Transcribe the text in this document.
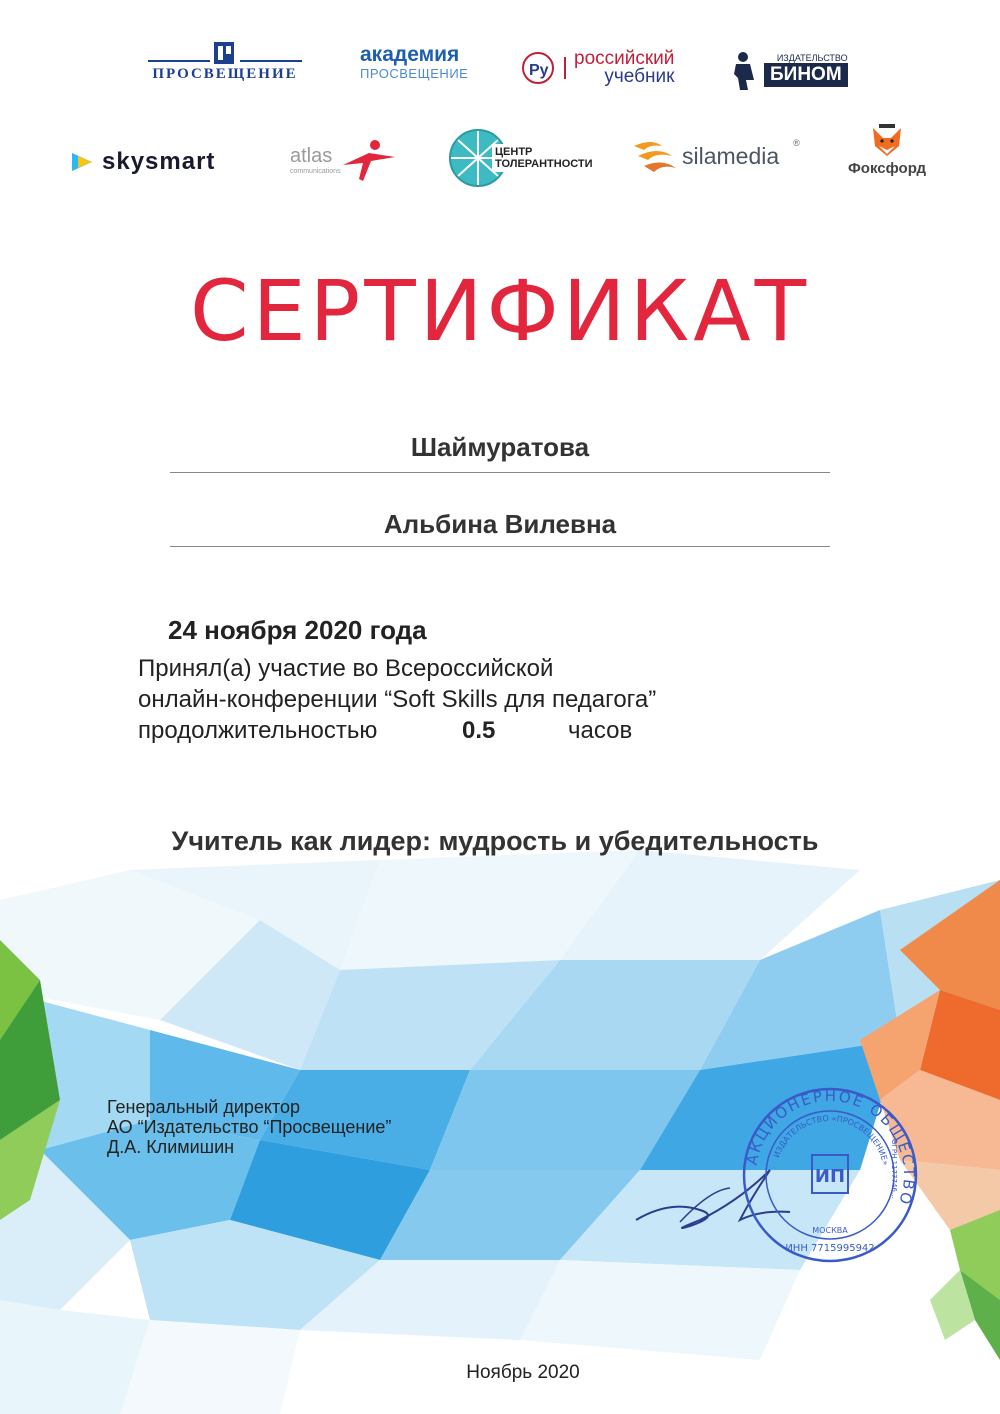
ПРОСВЕЩЕНИЕ
академия
ПРОСВЕЩЕНИЕ	Py
российский
учебник
ИЗДАТЕЛЬСТВО
БИНОМ
skysmart	atlas
communications
ЦЕНТР
ТОЛЕРАНТНОСТИ	silamedia ®
Фоксфорд
СЕРТИФИКАТ
Шаймуратова
Альбина Вилевна
24 ноября 2020 года
Принял(а) участие во Всероссийской
онлайн-конференции “Soft Skills для педагога”
продолжительностью	0.5	часов
Учитель как лидер: мудрость и убедительность
Генеральный директор
АО “Издательство “Просвещение”
Д.А. Климишин
АКЦИОНЕРНОЕ ОБЩЕСТВО
ИЗДАТЕЛЬСТВО «ПРОСВЕЩЕНИЕ»
МОСКВА
ОГРН 1177746…
ИНН 7715995942
ИП
Ноябрь 2020
